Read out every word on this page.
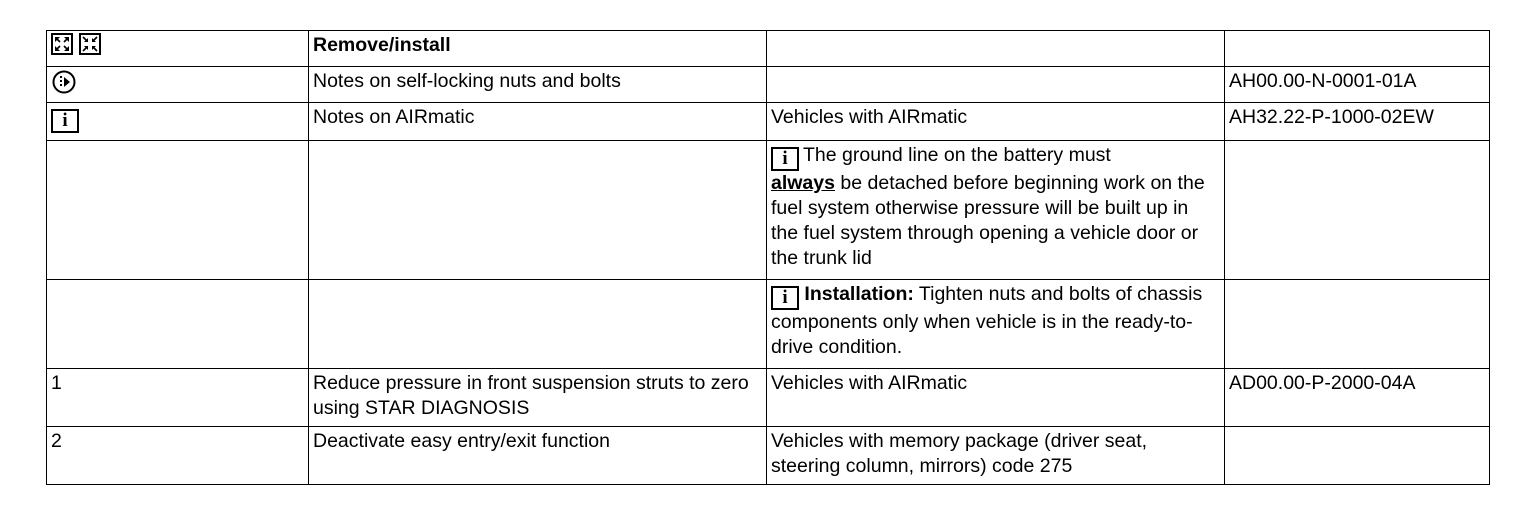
	Remove/install		
	Notes on self-locking nuts and bolts		AH00.00-N-0001-01A
i	Notes on AIRmatic	Vehicles with AIRmatic	AH32.22-P-1000-02EW
		i The ground line on the battery must
always be detached before beginning work on the fuel system otherwise pressure will be built up in the fuel system through opening a vehicle door or the trunk lid	
		i Installation: Tighten nuts and bolts of chassis components only when vehicle is in the ready-to-drive condition.	
1	Reduce pressure in front suspension struts to zero using STAR DIAGNOSIS	Vehicles with AIRmatic	AD00.00-P-2000-04A
2	Deactivate easy entry/exit function	Vehicles with memory package (driver seat, steering column, mirrors) code 275	
